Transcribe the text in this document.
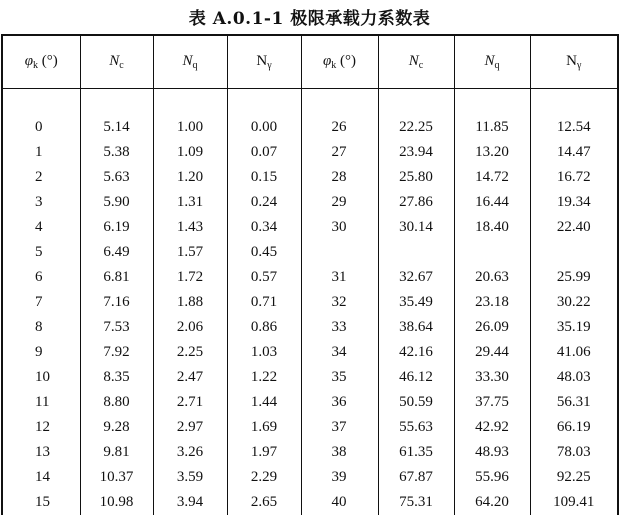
表 A.0.1-1 极限承载力系数表
$\varphi_k$ (°)	$N_c$	$N_q$	$N_\gamma$	$\varphi_k$ (°)	$N_c$	$N_q$	$N_\gamma$

0	5.14	1.00	0.00	26	22.25	11.85	12.54
1	5.38	1.09	0.07	27	23.94	13.20	14.47
2	5.63	1.20	0.15	28	25.80	14.72	16.72
3	5.90	1.31	0.24	29	27.86	16.44	19.34
4	6.19	1.43	0.34	30	30.14	18.40	22.40
5	6.49	1.57	0.45				
6	6.81	1.72	0.57	31	32.67	20.63	25.99
7	7.16	1.88	0.71	32	35.49	23.18	30.22
8	7.53	2.06	0.86	33	38.64	26.09	35.19
9	7.92	2.25	1.03	34	42.16	29.44	41.06
10	8.35	2.47	1.22	35	46.12	33.30	48.03
11	8.80	2.71	1.44	36	50.59	37.75	56.31
12	9.28	2.97	1.69	37	55.63	42.92	66.19
13	9.81	3.26	1.97	38	61.35	48.93	78.03
14	10.37	3.59	2.29	39	67.87	55.96	92.25
15	10.98	3.94	2.65	40	75.31	64.20	109.41
